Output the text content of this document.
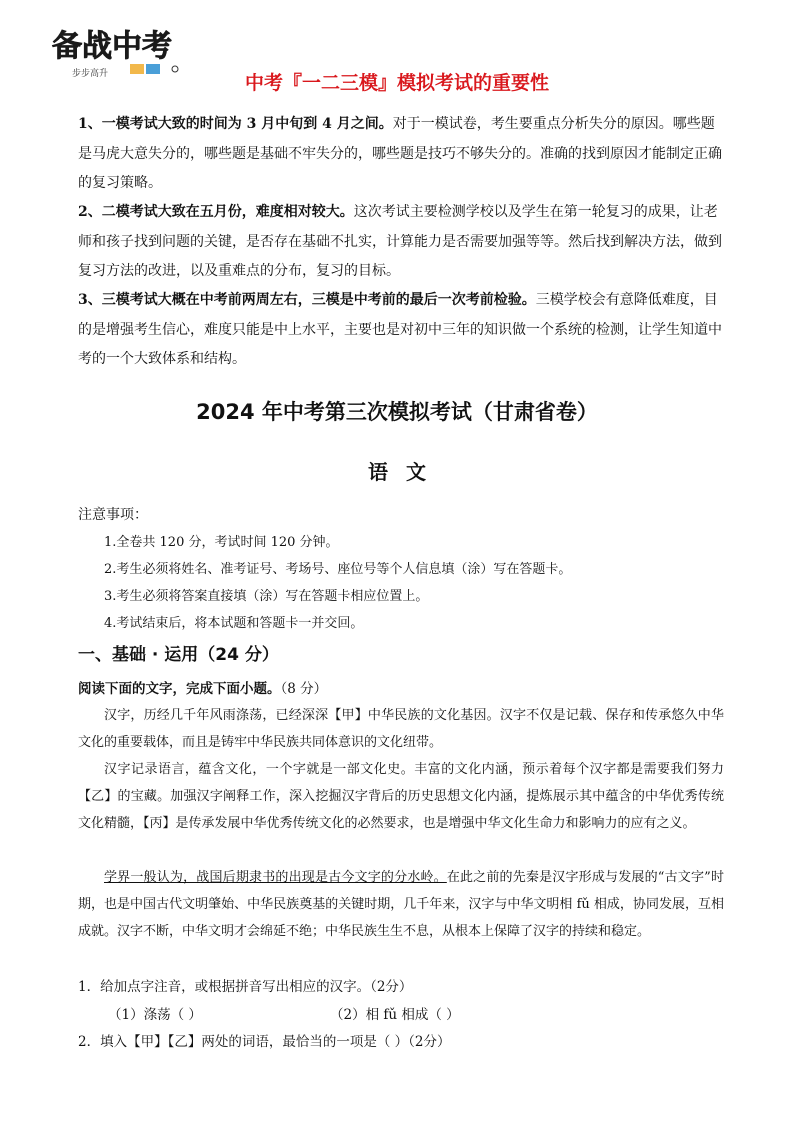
备战中考
步步高升	中考『一二三模』模拟考试的重要性
1、一模考试大致的时间为 3 月中旬到 4 月之间。对于一模试卷，考生要重点分析失分的原因。哪些题是马虎大意失分的，哪些题是基础不牢失分的，哪些题是技巧不够失分的。准确的找到原因才能制定正确的复习策略。
2、二模考试大致在五月份，难度相对较大。这次考试主要检测学校以及学生在第一轮复习的成果，让老师和孩子找到问题的关键，是否存在基础不扎实，计算能力是否需要加强等等。然后找到解决方法，做到复习方法的改进，以及重难点的分布，复习的目标。
3、三模考试大概在中考前两周左右，三模是中考前的最后一次考前检验。三模学校会有意降低难度，目的是增强考生信心，难度只能是中上水平，主要也是对初中三年的知识做一个系统的检测，让学生知道中考的一个大致体系和结构。
2024 年中考第三次模拟考试（甘肃省卷）
语文
注意事项：
1.全卷共 120 分，考试时间 120 分钟。
2.考生必须将姓名、准考证号、考场号、座位号等个人信息填（涂）写在答题卡。
3.考生必须将答案直接填（涂）写在答题卡相应位置上。
4.考试结束后，将本试题和答题卡一并交回。
一、基础 · 运用（24 分）
阅读下面的文字，完成下面小题。（8 分）
汉字，历经几千年风雨涤荡，已经深深【甲】中华民族的文化基因。汉字不仅是记载、保存和传承悠久中华文化的重要载体，而且是铸牢中华民族共同体意识的文化纽带。
汉字记录语言，蕴含文化，一个字就是一部文化史。丰富的文化内涵，预示着每个汉字都是需要我们努力【乙】的宝藏。加强汉字阐释工作，深入挖掘汉字背后的历史思想文化内涵，提炼展示其中蕴含的中华优秀传统文化精髓，【丙】是传承发展中华优秀传统文化的必然要求，也是增强中华文化生命力和影响力的应有之义。
学界一般认为，战国后期隶书的出现是古今文字的分水岭。在此之前的先秦是汉字形成与发展的“古文字”时期，也是中国古代文明肇始、中华民族奠基的关键时期，几千年来，汉字与中华文明相 fǔ 相成，协同发展，互相成就。汉字不断，中华文明才会绵延不绝；中华民族生生不息，从根本上保障了汉字的持续和稳定。
1．给加点字注音，或根据拼音写出相应的汉字。（2分）
（1）涤荡（ ）	（2）相 fǔ 相成（ ）
2．填入【甲】【乙】两处的词语，最恰当的一项是（ ）（2分）
